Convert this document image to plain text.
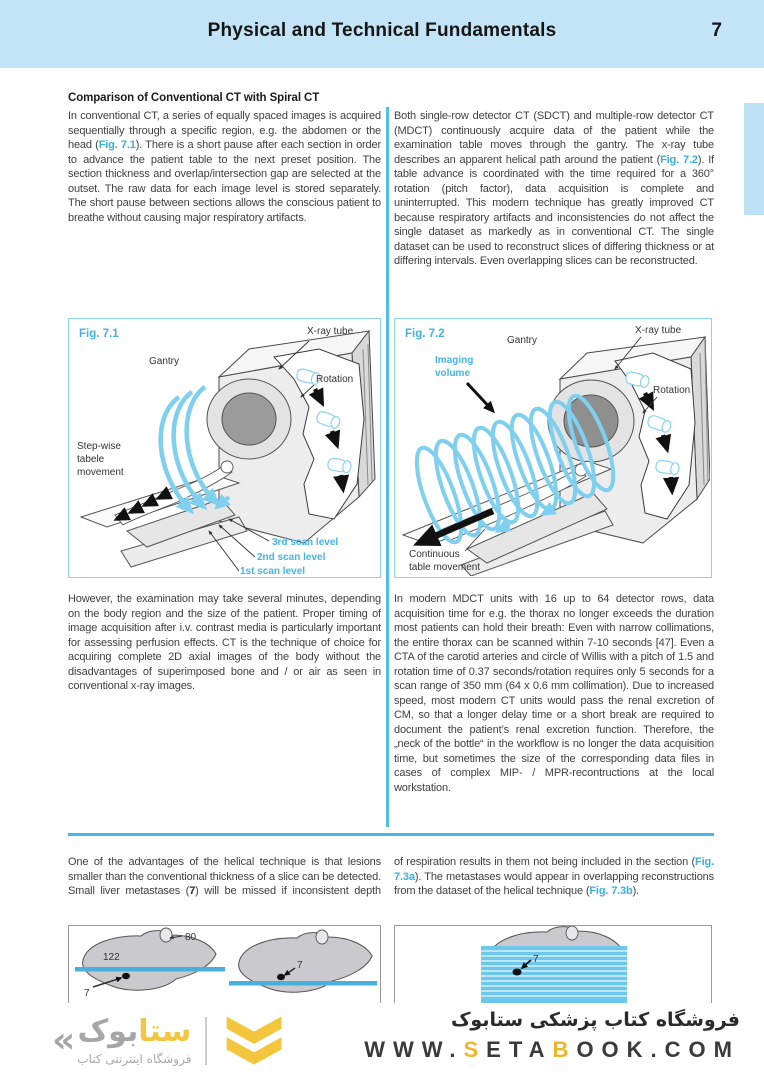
Physical and Technical Fundamentals	7
Comparison of Conventional CT with Spiral CT

In conventional CT, a series of equally spaced images is acquired sequentially through a specific region, e.g. the abdomen or the head (Fig. 7.1). There is a short pause after each section in order to advance the patient table to the next preset position. The section thickness and overlap/intersection gap are selected at the outset. The raw data for each image level is stored separately. The short pause between sections allows the conscious patient to breathe without causing major respiratory artifacts.

Both single-row detector CT (SDCT) and multiple-row detector CT (MDCT) continuously acquire data of the patient while the examination table moves through the gantry. The x-ray tube describes an apparent helical path around the patient (Fig. 7.2). If table advance is coordinated with the time required for a 360° rotation (pitch factor), data acquisition is complete and uninterrupted. This modern technique has greatly improved CT because respiratory artifacts and inconsistencies do not affect the single dataset as markedly as in conventional CT. The single dataset can be used to reconstruct slices of differing thickness or at differing intervals. Even overlapping slices can be reconstructed.

Fig. 7.1	X-ray tube
Gantry
Rotation
Step-wise
tabele
movement
3rd scan level
2nd scan level
1st scan level
Fig. 7.2
Gantry
X-ray tube
Imaging
volume
Rotation
Continuous
table movement

However, the examination may take several minutes, depending on the body region and the size of the patient. Proper timing of image acquisition after i.v. contrast media is particularly important for assessing perfusion effects. CT is the technique of choice for acquiring complete 2D axial images of the body without the disadvantages of superimposed bone and / or air as seen in conventional x-ray images.

In modern MDCT units with 16 up to 64 detector rows, data acquisition time for e.g. the thorax no longer exceeds the duration most patients can hold their breath: Even with narrow collimations, the entire thorax can be scanned within 7-10 seconds [47]. Even a CTA of the carotid arteries and circle of Willis with a pitch of 1.5 and rotation time of 0.37 seconds/rotation requires only 5 seconds for a scan range of 350 mm (64 x 0.6 mm collimation). Due to increased speed, most modern CT units would pass the renal excretion of CM, so that a longer delay time or a short break are required to document the patient’s renal excretion function. Therefore, the „neck of the bottle“ in the workflow is no longer the data acquisition time, but sometimes the size of the corresponding data files in cases of complex MIP- / MPR-recontructions at the local workstation.

One of the advantages of the helical technique is that lesions smaller than the conventional thickness of a slice can be detected. Small liver metastases (7) will be missed if inconsistent depth

of respiration results in them not being included in the section (Fig. 7.3a). The metastases would appear in overlapping reconstructions from the dataset of the helical technique (Fig. 7.3b).

80
122
7
7
7
«	ستابوک
فروشگاه اینترنتی کتاب
فروشگاه کتاب پزشکی ستابوک
WWW.SETABOOK.COM
